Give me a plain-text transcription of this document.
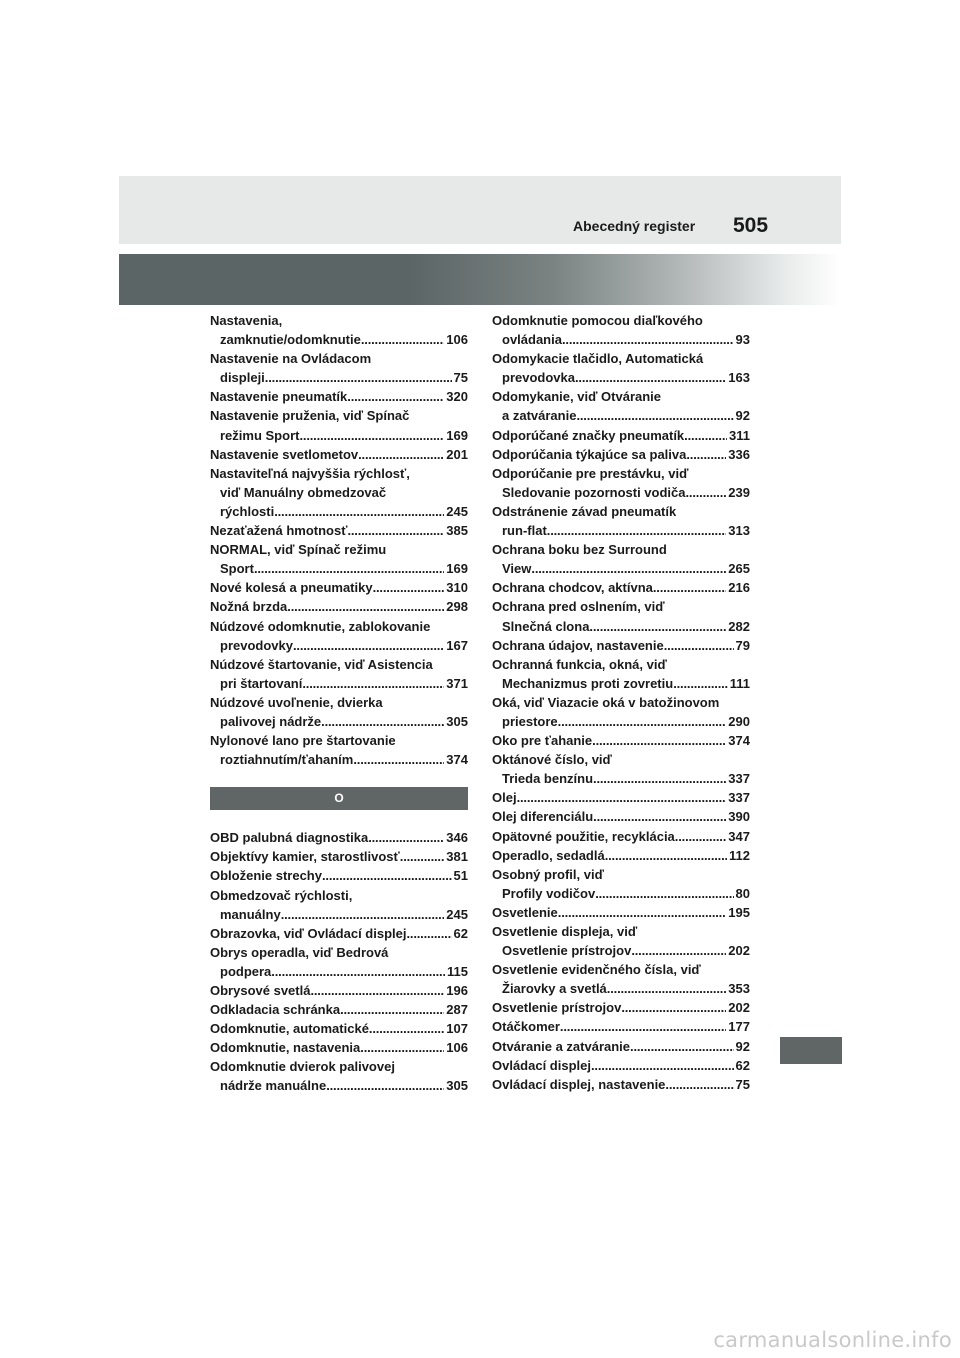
Abecedný register 505
Nastavenia,
zamknutie/odomknutie . . .	106
Nastavenie na Ovládacom
displeji . . .	75
Nastavenie pneumatík . . .	320
Nastavenie pruženia, viď Spínač
režimu Sport . . .	169
Nastavenie svetlometov . . .	201
Nastaviteľná najvyššia rýchlosť,
viď Manuálny obmedzovač
rýchlosti . . .	245
Nezaťažená hmotnosť . . .	385
NORMAL, viď Spínač režimu
Sport . . .	169
Nové kolesá a pneumatiky . . .	310
Nožná brzda . . .	298
Núdzové odomknutie, zablokovanie
prevodovky . . .	167
Núdzové štartovanie, viď Asistencia
pri štartovaní . . .	371
Núdzové uvoľnenie, dvierka
palivovej nádrže . . .	305
Nylonové lano pre štartovanie
roztiahnutím/ťahaním . . .	374
O
OBD palubná diagnostika . . .	346
Objektívy kamier, starostlivosť . . .	381
Obloženie strechy . . .	51
Obmedzovač rýchlosti,
manuálny . . .	245
Obrazovka, viď Ovládací displej . . .	62
Obrys operadla, viď Bedrová
podpera . . .	115
Obrysové svetlá . . .	196
Odkladacia schránka . . .	287
Odomknutie, automatické . . .	107
Odomknutie, nastavenia . . .	106
Odomknutie dvierok palivovej
nádrže manuálne . . .	305
Odomknutie pomocou diaľkového
ovládania . . .	93
Odomykacie tlačidlo, Automatická
prevodovka . . .	163
Odomykanie, viď Otváranie
a zatváranie . . .	92
Odporúčané značky pneumatík . . .	311
Odporúčania týkajúce sa paliva . . .	336
Odporúčanie pre prestávku, viď
Sledovanie pozornosti vodiča . . .	239
Odstránenie závad pneumatík
run-flat . . .	313
Ochrana boku bez Surround
View . . .	265
Ochrana chodcov, aktívna . . .	216
Ochrana pred oslnením, viď
Slnečná clona . . .	282
Ochrana údajov, nastavenie . . .	79
Ochranná funkcia, okná, viď
Mechanizmus proti zovretiu . . .	111
Oká, viď Viazacie oká v batožinovom
priestore . . .	290
Oko pre ťahanie . . .	374
Oktánové číslo, viď
Trieda benzínu . . .	337
Olej . . .	337
Olej diferenciálu . . .	390
Opätovné použitie, recyklácia . . .	347
Operadlo, sedadlá . . .	112
Osobný profil, viď
Profily vodičov . . .	80
Osvetlenie . . .	195
Osvetlenie displeja, viď
Osvetlenie prístrojov . . .	202
Osvetlenie evidenčného čísla, viď
Žiarovky a svetlá . . .	353
Osvetlenie prístrojov . . .	202
Otáčkomer . . .	177
Otváranie a zatváranie . . .	92
Ovládací displej . . .	62
Ovládací displej, nastavenie . . .	75
carmanualsonline.info
